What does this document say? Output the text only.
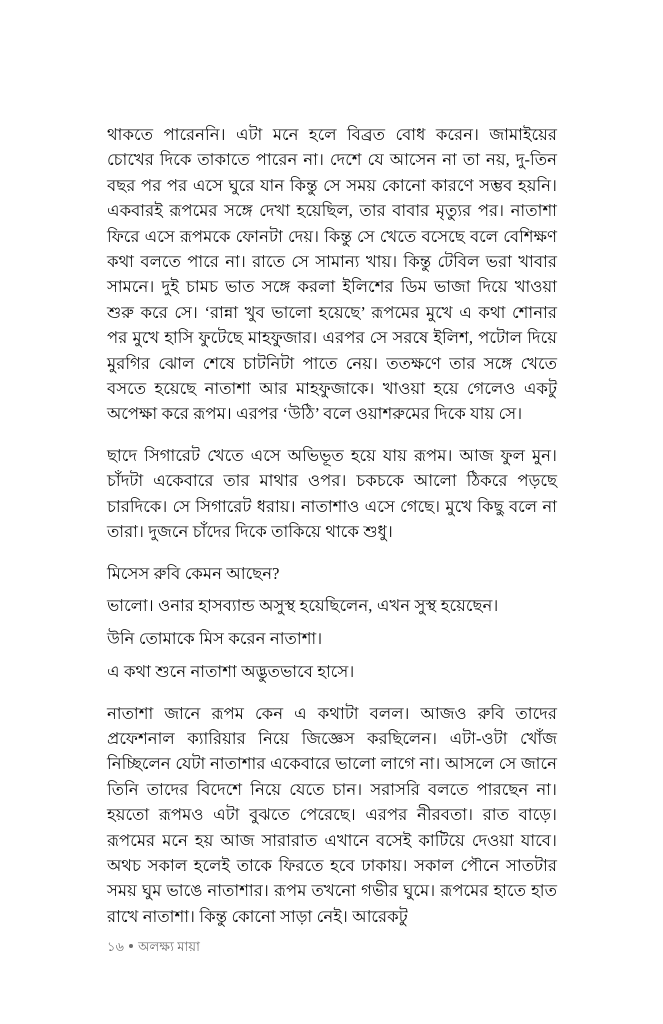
থাকতে পারেননি। এটা মনে হলে বিব্রত বোধ করেন। জামাইয়ের চোখের দিকে তাকাতে পারেন না। দেশে যে আসেন না তা নয়, দু-তিন বছর পর পর এসে ঘুরে যান কিন্তু সে সময় কোনো কারণে সম্ভব হয়নি। একবারই রূপমের সঙ্গে দেখা হয়েছিল, তার বাবার মৃত্যুর পর। নাতাশা ফিরে এসে রূপমকে ফোনটা দেয়। কিন্তু সে খেতে বসেছে বলে বেশিক্ষণ কথা বলতে পারে না। রাতে সে সামান্য খায়। কিন্তু টেবিল ভরা খাবার সামনে। দুই চামচ ভাত সঙ্গে করলা ইলিশের ডিম ভাজা দিয়ে খাওয়া শুরু করে সে। ‘রান্না খুব ভালো হয়েছে’ রূপমের মুখে এ কথা শোনার পর মুখে হাসি ফুটেছে মাহফুজার। এরপর সে সরষে ইলিশ, পটোল দিয়ে মুরগির ঝোল শেষে চাটনিটা পাতে নেয়। ততক্ষণে তার সঙ্গে খেতে বসতে হয়েছে নাতাশা আর মাহফুজাকে। খাওয়া হয়ে গেলেও একটু অপেক্ষা করে রূপম। এরপর ‘উঠি’ বলে ওয়াশরুমের দিকে যায় সে।

ছাদে সিগারেট খেতে এসে অভিভূত হয়ে যায় রূপম। আজ ফুল মুন। চাঁদটা একেবারে তার মাথার ওপর। চকচকে আলো ঠিকরে পড়ছে চারদিকে। সে সিগারেট ধরায়। নাতাশাও এসে গেছে। মুখে কিছু বলে না তারা। দুজনে চাঁদের দিকে তাকিয়ে থাকে শুধু।

মিসেস রুবি কেমন আছেন?

ভালো। ওনার হাসব্যান্ড অসুস্থ হয়েছিলেন, এখন সুস্থ হয়েছেন।

উনি তোমাকে মিস করেন নাতাশা।

এ কথা শুনে নাতাশা অদ্ভুতভাবে হাসে।

নাতাশা জানে রূপম কেন এ কথাটা বলল। আজও রুবি তাদের প্রফেশনাল ক্যারিয়ার নিয়ে জিজ্ঞেস করছিলেন। এটা-ওটা খোঁজ নিচ্ছিলেন যেটা নাতাশার একেবারে ভালো লাগে না। আসলে সে জানে তিনি তাদের বিদেশে নিয়ে যেতে চান। সরাসরি বলতে পারছেন না। হয়তো রূপমও এটা বুঝতে পেরেছে। এরপর নীরবতা। রাত বাড়ে। রূপমের মনে হয় আজ সারারাত এখানে বসেই কাটিয়ে দেওয়া যাবে। অথচ সকাল হলেই তাকে ফিরতে হবে ঢাকায়। সকাল পৌনে সাতটার সময় ঘুম ভাঙে নাতাশার। রূপম তখনো গভীর ঘুমে। রূপমের হাতে হাত রাখে নাতাশা। কিন্তু কোনো সাড়া নেই। আরেকটু

১৬ অলক্ষ্য মায়া
